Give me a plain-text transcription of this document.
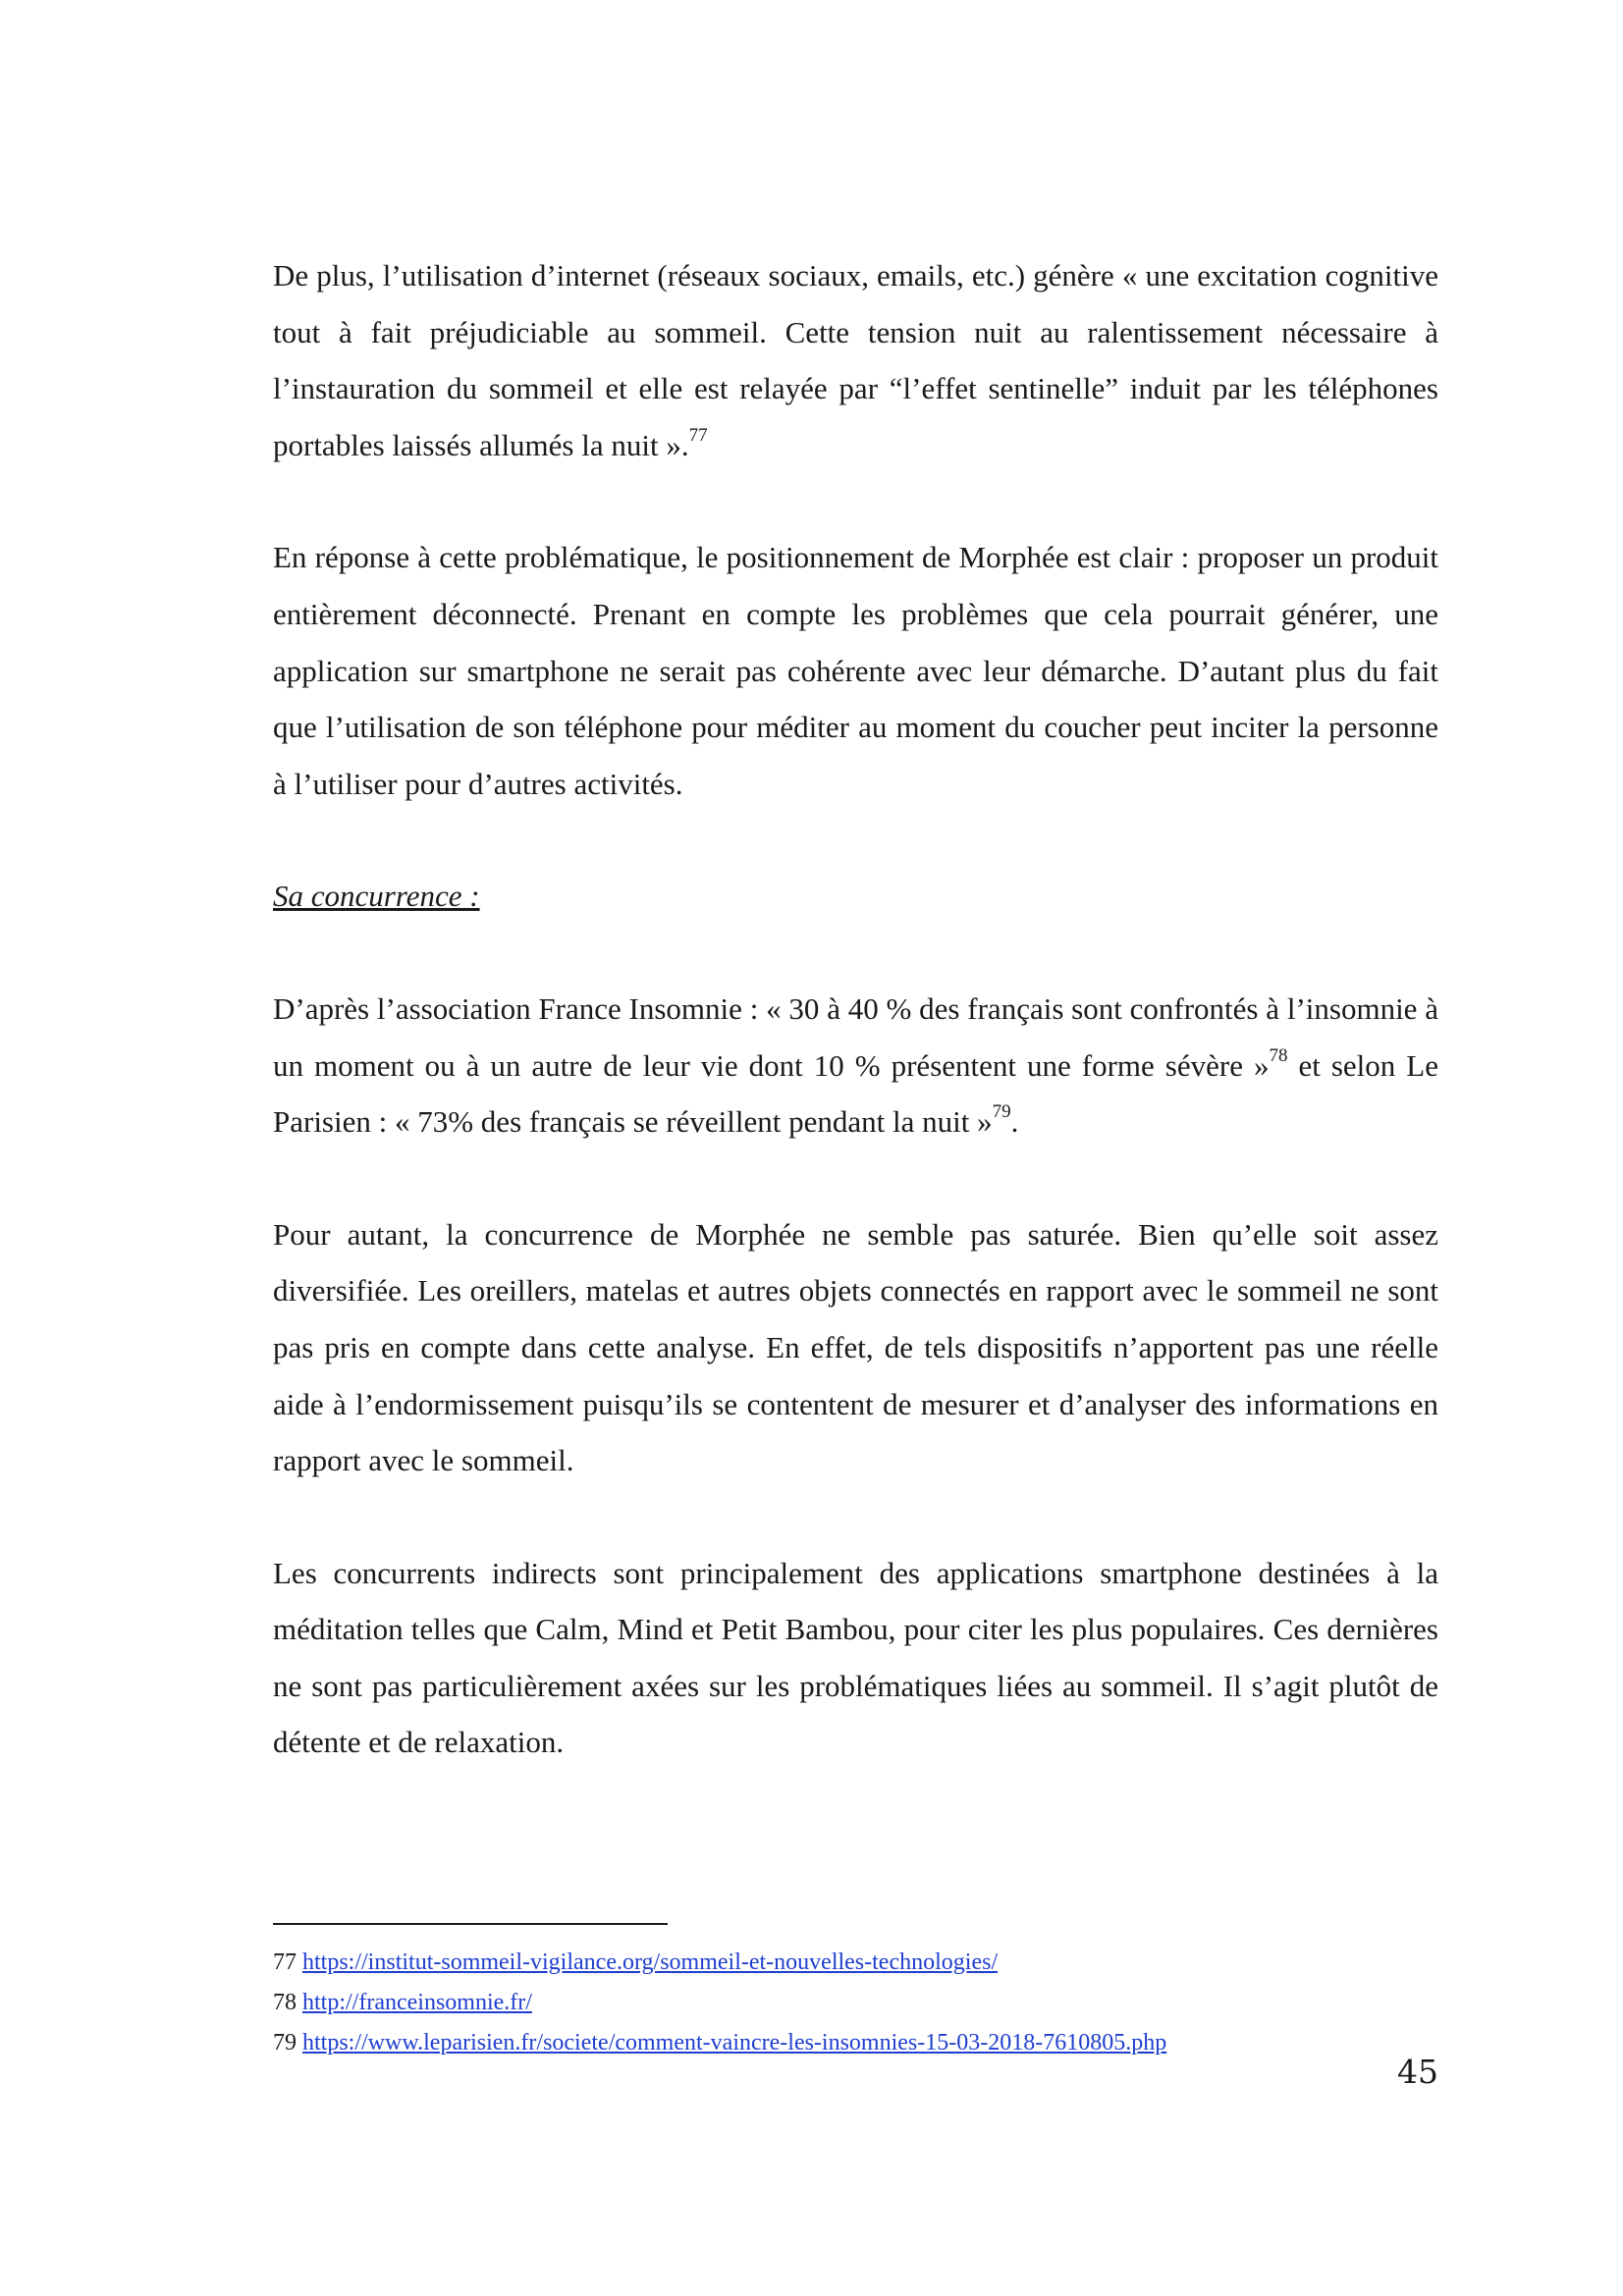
De plus, l’utilisation d’internet (réseaux sociaux, emails, etc.) génère « une excitation cognitive tout à fait préjudiciable au sommeil. Cette tension nuit au ralentissement nécessaire à l’instauration du sommeil et elle est relayée par “l’effet sentinelle” induit par les téléphones portables laissés allumés la nuit ».$^{77}$

En réponse à cette problématique, le positionnement de Morphée est clair : proposer un produit entièrement déconnecté. Prenant en compte les problèmes que cela pourrait générer, une application sur smartphone ne serait pas cohérente avec leur démarche. D’autant plus du fait que l’utilisation de son téléphone pour méditer au moment du coucher peut inciter la personne à l’utiliser pour d’autres activités.

Sa concurrence :

D’après l’association France Insomnie : « 30 à 40 % des français sont confrontés à l’insomnie à un moment ou à un autre de leur vie dont 10 % présentent une forme sévère »$^{78}$ et selon Le Parisien : « 73% des français se réveillent pendant la nuit »$^{79}$.

Pour autant, la concurrence de Morphée ne semble pas saturée. Bien qu’elle soit assez diversifiée. Les oreillers, matelas et autres objets connectés en rapport avec le sommeil ne sont pas pris en compte dans cette analyse. En effet, de tels dispositifs n’apportent pas une réelle aide à l’endormissement puisqu’ils se contentent de mesurer et d’analyser des informations en rapport avec le sommeil.

Les concurrents indirects sont principalement des applications smartphone destinées à la méditation telles que Calm, Mind et Petit Bambou, pour citer les plus populaires. Ces dernières ne sont pas particulièrement axées sur les problématiques liées au sommeil. Il s’agit plutôt de détente et de relaxation.

77 https://institut-sommeil-vigilance.org/sommeil-et-nouvelles-technologies/
78 http://franceinsomnie.fr/
79 https://www.leparisien.fr/societe/comment-vaincre-les-insomnies-15-03-2018-7610805.php
45
